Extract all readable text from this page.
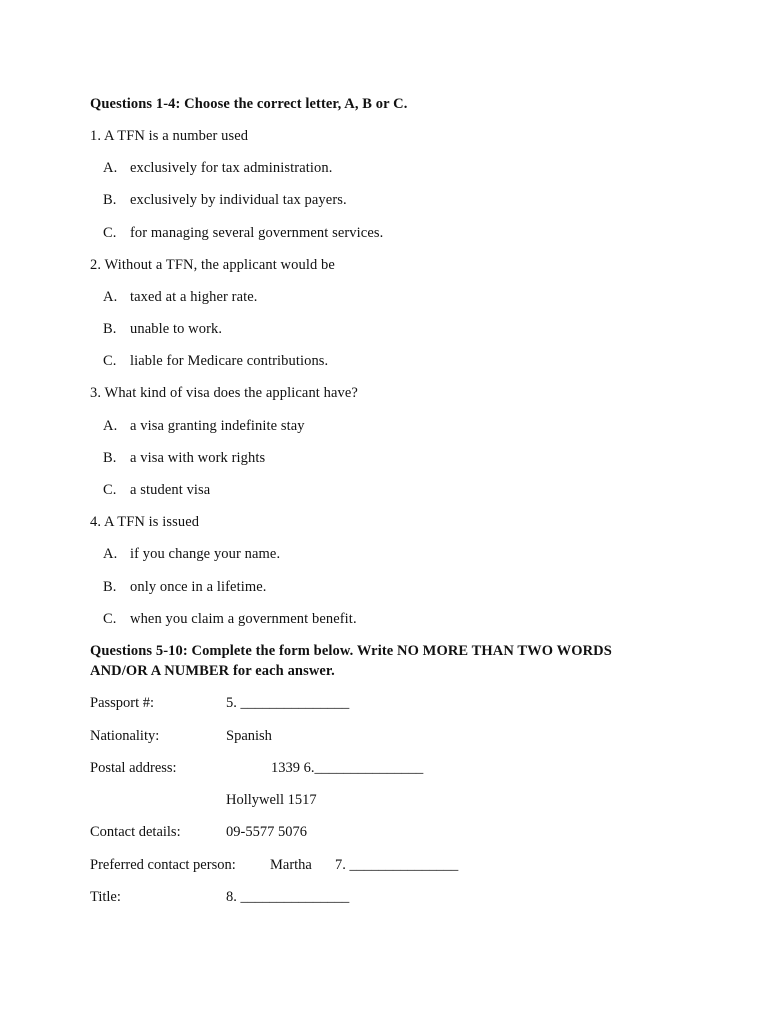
Questions 1-4: Choose the correct letter, A, B or C.
1. A TFN is a number used
A. exclusively for tax administration.
B. exclusively by individual tax payers.
C. for managing several government services.
2. Without a TFN, the applicant would be
A. taxed at a higher rate.
B. unable to work.
C. liable for Medicare contributions.
3. What kind of visa does the applicant have?
A. a visa granting indefinite stay
B. a visa with work rights
C. a student visa
4. A TFN is issued
A. if you change your name.
B. only once in a lifetime.
C. when you claim a government benefit.
Questions 5-10: Complete the form below. Write NO MORE THAN TWO WORDS
AND/OR A NUMBER for each answer.
Passport #:	5. _______________
Nationality:	Spanish
Postal address:	1339 6._______________
Hollywell 1517
Contact details:	09-5577 5076
Preferred contact person: Martha 7. _______________
Title:	8. _______________
